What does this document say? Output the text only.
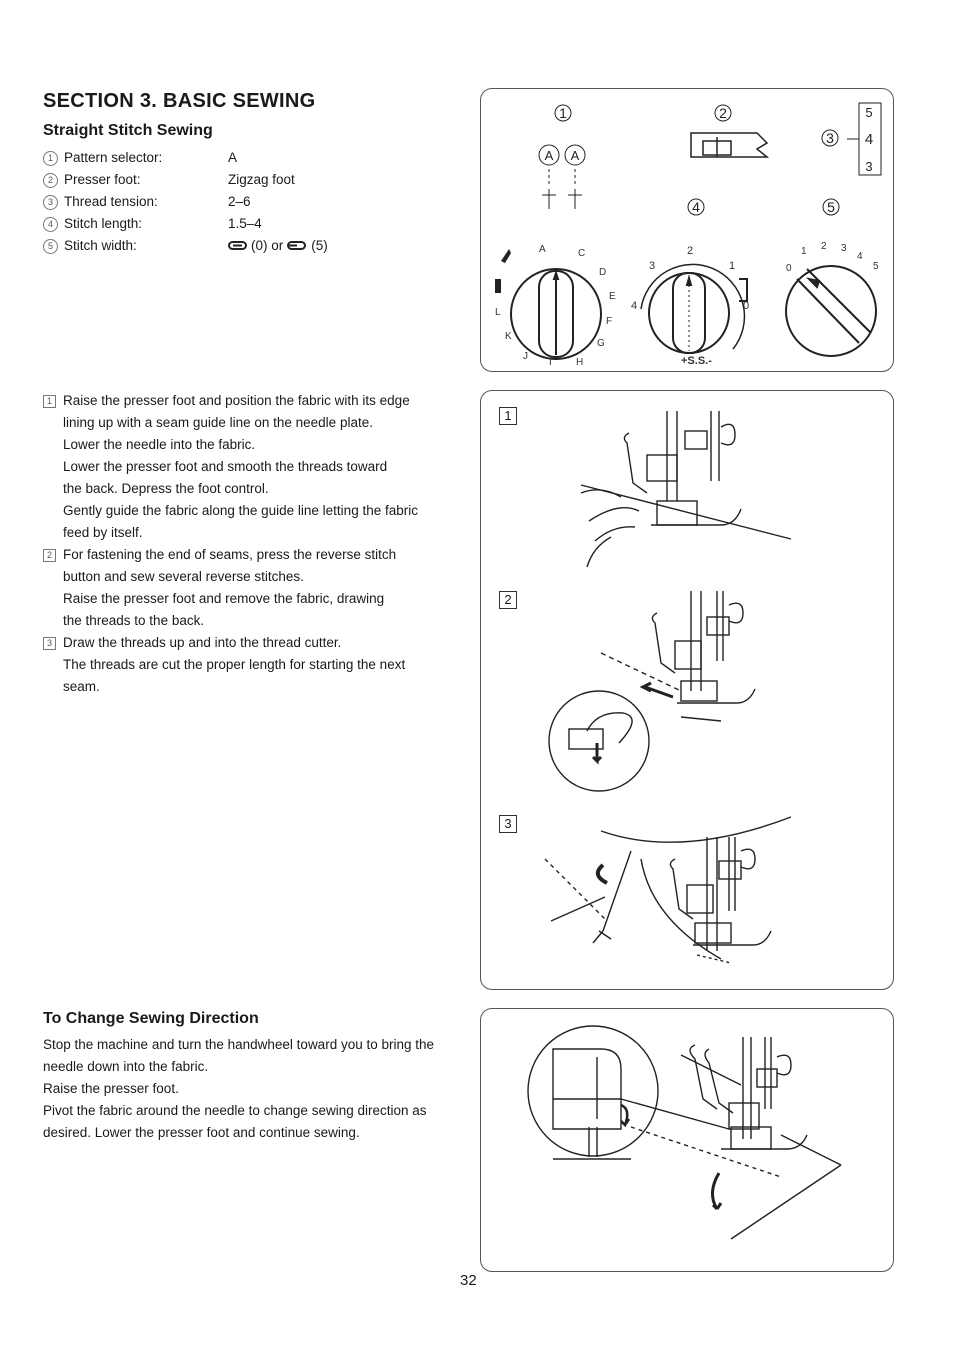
SECTION 3. BASIC SEWING
Straight Stitch Sewing
1 Pattern selector:	A
2 Presser foot:	Zigzag foot
3 Thread tension:	2–6
4 Stitch length:	1.5–4
5 Stitch width:	(0) or (5)
1 Raise the presser foot and position the fabric with its edge
lining up with a seam guide line on the needle plate.
Lower the needle into the fabric.
Lower the presser foot and smooth the threads toward
the back. Depress the foot control.
Gently guide the fabric along the guide line letting the fabric
feed by itself.
2 For fastening the end of seams, press the reverse stitch
button and sew several reverse stitches.
Raise the presser foot and remove the fabric, drawing
the threads to the back.
3 Draw the threads up and into the thread cutter.
The threads are cut the proper length for starting the next
seam.
To Change Sewing Direction
Stop the machine and turn the handwheel toward you to bring the
needle down into the fabric.
Raise the presser foot.
Pivot the fabric around the needle to change sewing direction as
desired. Lower the presser foot and continue sewing.
32
1	2
3
4	5
A A
5
4
3
A	C
D
E
F
G
H
I
J
K
L
3
2
1
4	0
+S.S.-
0
1 2 3
4
5
1
2
3
